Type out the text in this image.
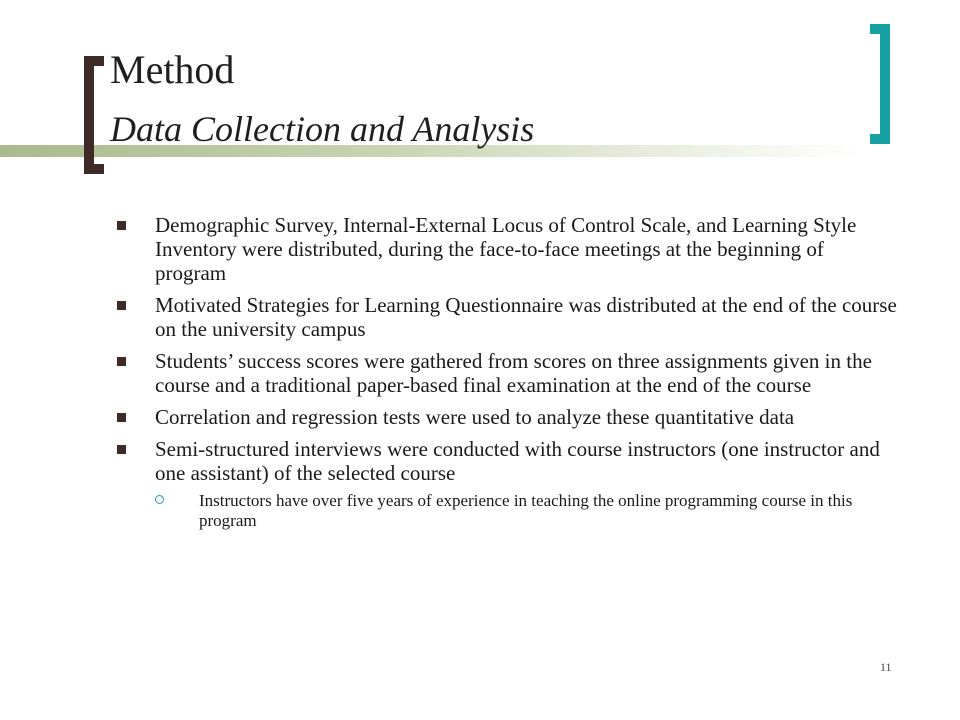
Method
Data Collection and Analysis
Demographic Survey, Internal-External Locus of Control Scale, and Learning Style Inventory were distributed, during the face-to-face meetings at the beginning of program
Motivated Strategies for Learning Questionnaire was distributed at the end of the course on the university campus
Students’ success scores were gathered from scores on three assignments given in the course and a traditional paper-based final examination at the end of the course
Correlation and regression tests were used to analyze these quantitative data
Semi-structured interviews were conducted with course instructors (one instructor and one assistant) of the selected course
Instructors have over five years of experience in teaching the online programming course in this program
11
